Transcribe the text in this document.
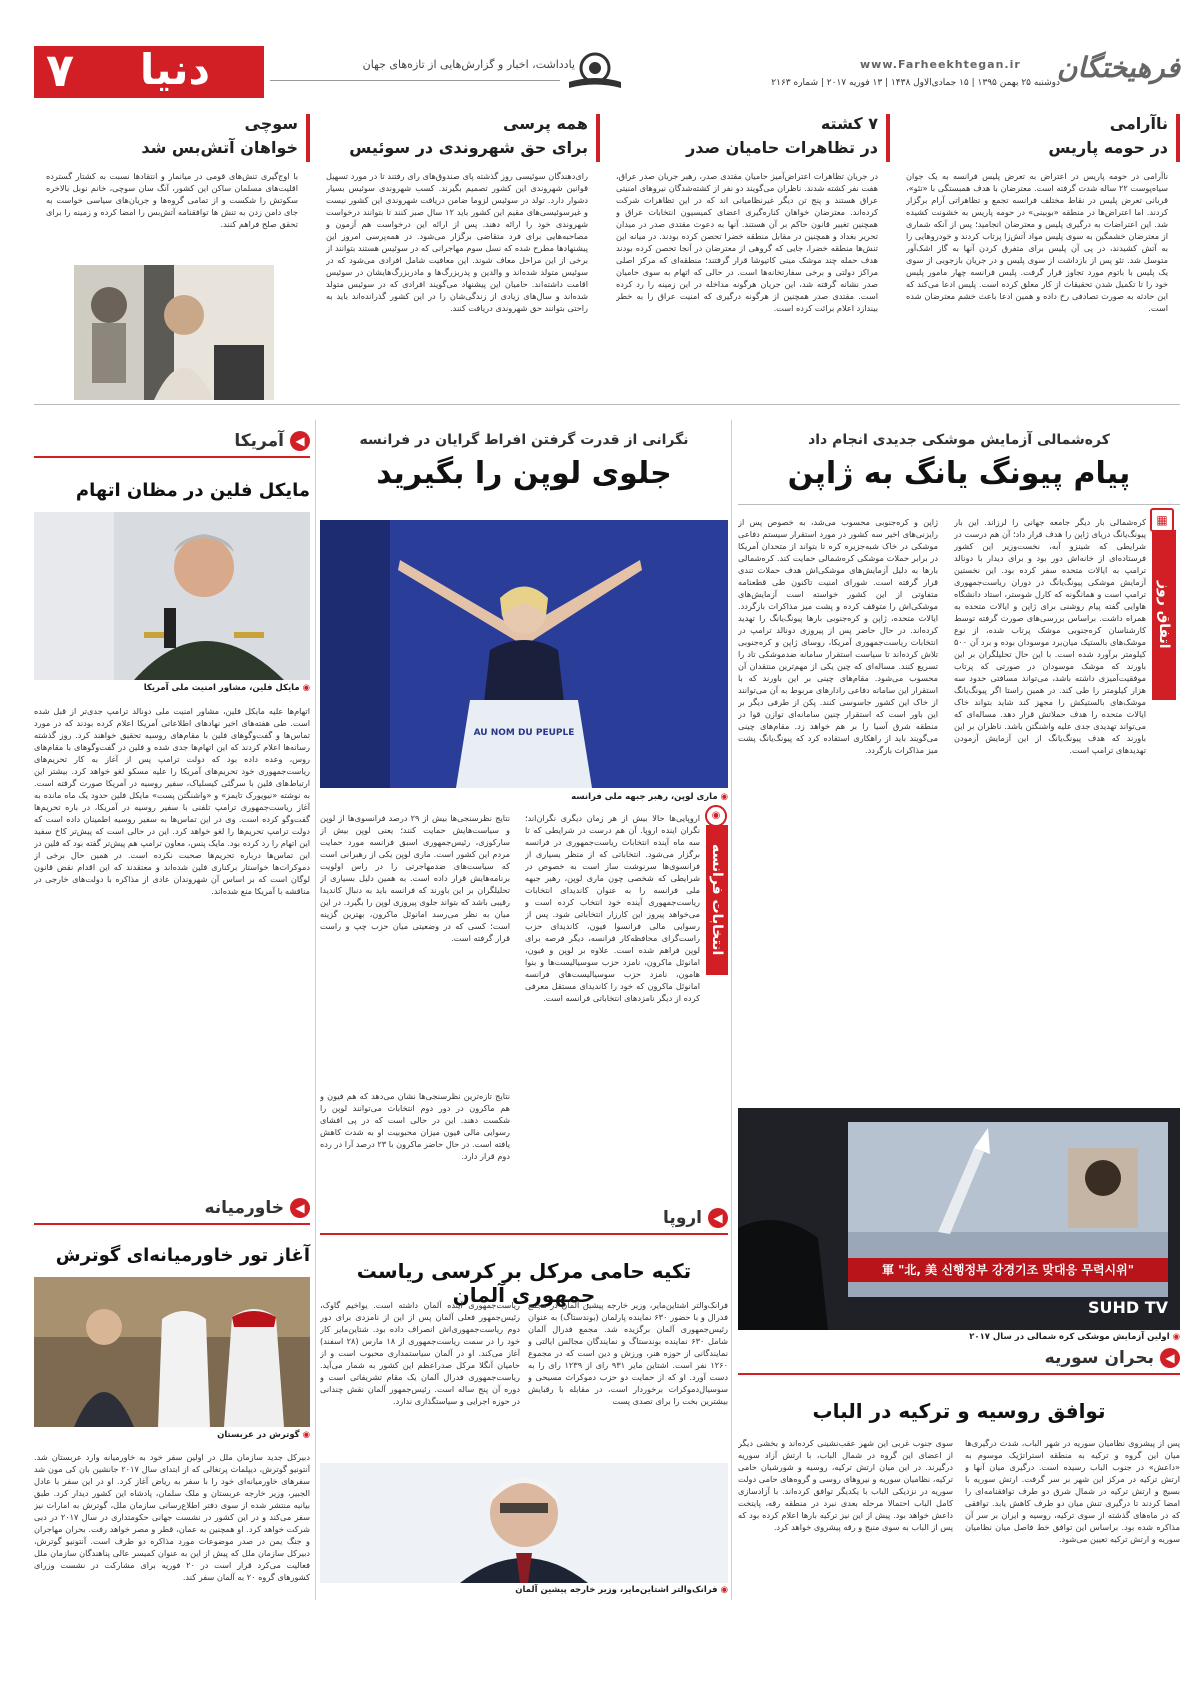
۷	دنیا	یادداشت، اخبار و گزارش‌هایی از تازه‌های جهان	www.Farheekhtegan.ir
دوشنبه ۲۵ بهمن ۱۳۹۵ | ۱۵ جمادی‌الاول ۱۴۳۸ | ۱۳ فوریه ۲۰۱۷ | شماره ۲۱۶۳
فرهیختگان
ناآرامی
در حومه پاریس
ناآرامی در حومه پاریس در اعتراض به تعرض پلیس فرانسه به یک جوان سیاه‌پوست ۲۲ ساله شدت گرفته است. معترضان با هدف همبستگی با «تئو»، قربانی تعرض پلیس در نقاط مختلف فرانسه تجمع و تظاهراتی آرام برگزار کردند. اما اعتراض‌ها در منطقه «بوبینی» در حومه پاریس به خشونت کشیده شد. این اعتراضات به درگیری پلیس و معترضان انجامید؛ پس از آنکه شماری از معترضان خشمگین به سوی پلیس مواد آتش‌زا پرتاب کردند و خودروهایی را به آتش کشیدند، در پی آن پلیس برای متفرق کردن آنها به گاز اشک‌آور متوسل شد. تئو پس از بازداشت از سوی پلیس و در جریان بازجویی از سوی یک پلیس با باتوم مورد تجاوز قرار گرفت. پلیس فرانسه چهار مامور پلیس خود را تا تکمیل شدن تحقیقات از کار معلق کرده است. پلیس ادعا می‌کند که این حادثه به صورت تصادفی رخ داده و همین ادعا باعث خشم معترضان شده است.
۷ کشته
در تظاهرات حامیان صدر
در جریان تظاهرات اعتراض‌آمیز حامیان مقتدی صدر، رهبر جریان صدر عراق، هفت نفر کشته شدند. ناظران می‌گویند دو نفر از کشته‌شدگان نیروهای امنیتی عراق هستند و پنج تن دیگر غیرنظامیانی اند که در این تظاهرات شرکت کرده‌اند. معترضان خواهان کناره‌گیری اعضای کمیسیون انتخابات عراق و همچنین تغییر قانون حاکم بر آن هستند. آنها به دعوت مقتدی صدر در میدان تحریر بغداد و همچنین در مقابل منطقه خضرا تحصن کرده بودند. در میانه این تنش‌ها منطقه خضرا، جایی که گروهی از معترضان در آنجا تحصن کرده بودند هدف حمله چند موشک مینی کاتیوشا قرار گرفتند؛ منطقه‌ای که مرکز اصلی مراکز دولتی و برخی سفارتخانه‌ها است. در حالی که اتهام به سوی حامیان صدر نشانه گرفته شد، این جریان هرگونه مداخله در این زمینه را رد کرده است. مقتدی صدر همچنین از هرگونه درگیری که امنیت عراق را به خطر بیندازد اعلام برائت کرده است.
همه پرسی
برای حق شهروندی در سوئیس
رای‌دهندگان سوئیسی روز گذشته پای صندوق‌های رای رفتند تا در مورد تسهیل قوانین شهروندی این کشور تصمیم بگیرند. کسب شهروندی سوئیس بسیار دشوار دارد. تولد در سوئیس لزوما ضامن دریافت شهروندی این کشور نیست و غیرسوئیسی‌های مقیم این کشور باید ۱۲ سال صبر کنند تا بتوانند درخواست شهروندی خود را ارائه دهند. پس از ارائه این درخواست هم آزمون و مصاحبه‌هایی برای فرد متقاضی برگزار می‌شود. در همه‌پرسی امروز این پیشنهادها مطرح شده که نسل سوم مهاجرانی که در سوئیس هستند بتوانند از برخی از این مراحل معاف شوند. این معافیت شامل افرادی می‌شود که در سوئیس متولد شده‌اند و والدین و پدربزرگ‌ها و مادربزرگ‌هایشان در سوئیس اقامت داشته‌اند. حامیان این پیشنهاد می‌گویند افرادی که در سوئیس متولد شده‌اند و سال‌های زیادی از زندگی‌شان را در این کشور گذرانده‌اند باید به راحتی بتوانند حق شهروندی دریافت کنند.
سوچی
خواهان آتش‌بس شد
با اوج‌گیری تنش‌های قومی در میانمار و انتقادها نسبت به کشتار گسترده اقلیت‌های مسلمان ساکن این کشور، آنگ سان سوچی، خانم نوبل بالاخره سکوتش را شکست و از تمامی گروه‌ها و جریان‌های سیاسی خواست به جای دامن زدن به تنش ها توافقنامه آتش‌بس را امضا کرده و زمینه را برای تحقق صلح فراهم کنند.
کره‌شمالی آزمایش موشکی جدیدی انجام داد
پیام پیونگ یانگ به ژاپن
اتفاق روز
▦
کره‌شمالی بار دیگر جامعه جهانی را لرزاند. این بار پیونگ‌یانگ دریای ژاپن را هدف قرار داد؛ آن هم درست در شرایطی که شینزو آبه، نخست‌وزیر این کشور فرستاده‌ای از خانه‌اش دور بود و برای دیدار با دونالد ترامپ به ایالات متحده سفر کرده بود. این نخستین آزمایش موشکی پیونگ‌یانگ در دوران ریاست‌جمهوری ترامپ است و همانگونه که کارل شوستر، استاد دانشگاه هاوایی گفته پیام روشنی برای ژاپن و ایالات متحده به همراه داشت. براساس بررسی‌های صورت گرفته توسط کارشناسان کره‌جنوبی موشک پرتاب شده، از نوع موشک‌های بالستیک میان‌برد موسودان بوده و برد آن ۵۰۰ کیلومتر برآورد شده است. با این حال تحلیلگران بر این باورند که موشک موسودان در صورتی که پرتاب موفقیت‌آمیزی داشته باشد، می‌تواند مسافتی حدود سه هزار کیلومتر را طی کند. در همین راستا اگر پیونگ‌یانگ موشک‌های بالستیکش را مجهز کند شاید بتواند خاک ایالات متحده را هدف حملاتش قرار دهد. مساله‌ای که می‌تواند تهدیدی جدی علیه واشنگتن باشد. ناظران بر این باورند که هدف پیونگ‌یانگ از این آزمایش آزمودن تهدیدهای ترامپ است.
ژاپن و کره‌جنوبی محسوب می‌شد، به خصوص پس از رایزنی‌های اخیر سه کشور در مورد استقرار سیستم دفاعی موشکی در خاک شبه‌جزیره کره تا بتواند از متحدان آمریکا در برابر حملات موشکی کره‌شمالی حمایت کند. کره‌شمالی بارها به دلیل آزمایش‌های موشکی‌اش هدف حملات تندی قرار گرفته است. شورای امنیت تاکنون طی قطعنامه متفاوتی از این کشور خواسته است آزمایش‌های موشکی‌اش را متوقف کرده و پشت میز مذاکرات بازگردد. ایالات متحده، ژاپن و کره‌جنوبی بارها پیونگ‌یانگ را تهدید کرده‌اند. در حال حاضر پس از پیروزی دونالد ترامپ در انتخابات ریاست‌جمهوری آمریکا، روسای ژاپن و کره‌جنوبی تلاش کرده‌اند تا سیاست استقرار سامانه ضدموشکی تاد را تسریع کنند. مساله‌ای که چین یکی از مهم‌ترین منتقدان آن محسوب می‌شود. مقام‌های چینی بر این باورند که با استقرار این سامانه دفاعی رادارهای مربوط به آن می‌توانند از خاک این کشور جاسوسی کنند. پکن از طرفی دیگر بر این باور است که استقرار چنین سامانه‌ای توازن قوا در منطقه شرق آسیا را بر هم خواهد زد. مقام‌های چینی می‌گویند باید از راهکاری استفاده کرد که پیونگ‌یانگ پشت میز مذاکرات بازگردد.
軍 "北, 美 신행정부 강경기조 맞대응 무력시위"
SUHD TV
◉ اولین آزمایش موشکی کره شمالی در سال ۲۰۱۷
نگرانی از قدرت گرفتن افراط گرایان در فرانسه
جلوی لوپن را بگیرید
AU NOM DU PEUPLE
◉ ماری لوپن، رهبر جبهه ملی فرانسه
انتخابات فرانسه
◉
اروپایی‌ها حالا بیش از هر زمان دیگری نگران‌اند؛ نگران اینده اروپا. آن هم درست در شرایطی که تا سه ماه آینده انتخابات ریاست‌جمهوری در فرانسه برگزار می‌شود. انتخاباتی که از منظر بسیاری از فرانسوی‌ها سرنوشت ساز است به خصوص در شرایطی که شخصی چون ماری لوپن، رهبر جبهه ملی فرانسه را به عنوان کاندیدای انتخابات ریاست‌جمهوری آینده خود انتخاب کرده است و می‌خواهد پیروز این کارزار انتخاباتی شود. پس از رسوایی مالی فرانسوا فیون، کاندیدای حزب راست‌گرای محافظه‌کار فرانسه، دیگر فرصه برای لوپن فراهم شده است. علاوه بر لوپن و فیون، امانوئل ماکرون، نامزد حزب سوسیالیست‌ها و بنوا هامون، نامزد حزب سوسیالیست‌های فرانسه امانوئل ماکرون که خود را کاندیدای مستقل معرفی کرده از دیگر نامزدهای انتخاباتی فرانسه است.
نتایج نظرسنجی‌ها بیش از ۲۹ درصد فرانسوی‌ها از لوپن و سیاست‌هایش حمایت کنند؛ یعنی لوپن بیش از سارکوزی، رئیس‌جمهوری اسبق فرانسه مورد حمایت مردم این کشور است. ماری لوپن یکی از رهبرانی است که سیاست‌های ضدمهاجرتی را در راس اولویت برنامه‌هایش قرار داده است. به همین دلیل بسیاری از تحلیلگران بر این باورند که فرانسه باید به دنبال کاندیدا رقیبی باشد که بتواند جلوی پیروزی لوپن را بگیرد. در این میان به نظر می‌رسد امانوئل ماکرون، بهترین گزینه است؛ کسی که در وضعیتی میان حزب چپ و راست قرار گرفته است.
نتایج تازه‌ترین نظرسنجی‌ها نشان می‌دهد که هم فیون و هم ماکرون در دور دوم انتخابات می‌توانند لوپن را شکست دهند. این در حالی است که در پی افشای رسوایی مالی فیون میزان محبوبیت او به شدت کاهش یافته است. در حال حاضر ماکرون با ۲۳ درصد آرا در رده دوم قرار دارد.
◀
اروپا
تکیه حامی مرکل بر کرسی ریاست جمهوری آلمان
فرانک‌والتر اشتاین‌مایر، وزیر خارجه پیشین آلمان در مجمع فدرال و با حضور ۶۳۰ نماینده پارلمان (بوندستاگ) به عنوان رئیس‌جمهوری آلمان برگزیده شد. مجمع فدرال آلمان شامل ۶۳۰ نماینده بوندستاگ و نمایندگان مجالس ایالتی و نمایندگانی از حوزه هنر، ورزش و دین است که در مجموع ۱۲۶۰ نفر است. اشتاین مایر ۹۳۱ رای از ۱۲۳۹ رای را به دست آورد. او که از حمایت دو حزب دموکرات مسیحی و سوسیال‌دموکرات برخوردار است، در مقابله با رقبایش بیشترین بخت را برای تصدی پست
ریاست‌جمهوری آینده آلمان داشته است. یواخیم گاوک، رئیس‌جمهور فعلی آلمان پس از این از نامزدی برای دور دوم ریاست‌جمهوری‌اش انصراف داده بود. شتاین‌مایر کار خود را در سمت ریاست‌جمهوری از ۱۸ مارس (۲۸ اسفند) آغاز می‌کند. او در آلمان سیاستمداری محبوب است و از حامیان آنگلا مرکل صدراعظم این کشور به شمار می‌آید. ریاست‌جمهوری فدرال آلمان یک مقام تشریفاتی است و دوره آن پنج ساله است. رئیس‌جمهور آلمان نقش چندانی در حوزه اجرایی و سیاستگذاری ندارد.
◉ فرانک‌والتر اشتاین‌مایر، وزیر خارجه پیشین آلمان
◀
بحران سوریه
توافق روسیه و ترکیه در الباب
پس از پیشروی نظامیان سوریه در شهر الباب، شدت درگیری‌ها میان این گروه و ترکیه به منطقه استراتژیک موسوم به «داعش» در جنوب الباب رسیده است. درگیری میان آنها و ارتش ترکیه در مرکز این شهر بر سر گرفت. ارتش سوریه با بسیج و ارتش ترکیه در شمال شرق دو طرف توافقنامه‌ای را امضا کردند تا درگیری تنش میان دو طرف کاهش یابد. توافقی که در ماه‌های گذشته از سوی ترکیه، روسیه و ایران بر سر آن مذاکره شده بود. براساس این توافق خط فاصل میان نظامیان سوریه و ارتش ترکیه تعیین می‌شود.
سوی جنوب غربی این شهر عقب‌نشینی کرده‌اند و بخشی دیگر از اعضای این گروه در شمال الباب، با ارتش آزاد سوریه درگیرند. در این میان ارتش ترکیه، روسیه و شورشیان حامی ترکیه، نظامیان سوریه و نیروهای روسی و گروه‌های حامی دولت سوریه در نزدیکی الباب با یکدیگر توافق کرده‌اند. با آزادسازی کامل الباب احتمالا مرحله بعدی نبرد در منطقه رقه، پایتخت داعش خواهد بود. پیش از این نیز ترکیه بارها اعلام کرده بود که پس از الباب به سوی منبج و رقه پیشروی خواهد کرد.
◀
آمریکا
مایکل فلین در مظان اتهام
◉ مایکل فلین، مشاور امنیت ملی آمریکا
اتهام‌ها علیه مایکل فلین، مشاور امنیت ملی دونالد ترامپ جدی‌تر از قبل شده است. طی هفته‌های اخیر نهادهای اطلاعاتی آمریکا اعلام کرده بودند که در مورد تماس‌ها و گفت‌وگوهای فلین با مقام‌های روسیه تحقیق خواهند کرد. روز گذشته رسانه‌ها اعلام کردند که این اتهام‌ها جدی شده و فلین در گفت‌وگوهای با مقام‌های روس، وعده داده بود که دولت ترامپ پس از آغاز به کار تحریم‌های ریاست‌جمهوری خود تحریم‌های آمریکا را علیه مسکو لغو خواهد کرد. بیشتر این ارتباط‌های فلین با سرگئی کیسلیاک، سفیر روسیه در آمریکا صورت گرفته است. به نوشته «نیویورک تایمز» و «واشنگتن پست» مایکل فلین حدود یک ماه مانده به آغاز ریاست‌جمهوری ترامپ تلفنی با سفیر روسیه در آمریکا، در باره تحریم‌ها گفت‌وگو کرده است. وی در این تماس‌ها به سفیر روسیه اطمینان داده است که دولت ترامپ تحریم‌ها را لغو خواهد کرد. این در حالی است که پیش‌تر کاخ سفید این اتهام را رد کرده بود. مایک پنس، معاون ترامپ هم پیش‌تر گفته بود که فلین در این تماس‌ها درباره تحریم‌ها صحبت نکرده است. در همین حال برخی از دموکرات‌ها خواستار برکناری فلین شده‌اند و معتقدند که این اقدام نقض قانون لوگان است که بر اساس آن شهروندان عادی از مذاکره با دولت‌های خارجی در مناقشه با آمریکا منع شده‌اند.
◀
خاورمیانه
آغاز تور خاورمیانه‌ای گوترش
◉ گوترش در عربستان
دبیرکل جدید سازمان ملل در اولین سفر خود به خاورمیانه وارد عربستان شد. آنتونیو گوترش، دیپلمات پرتغالی که از ابتدای سال ۲۰۱۷ جانشین بان کی مون شد سفرهای خاورمیانه‌ای خود را با سفر به ریاض آغاز کرد. او در این سفر با عادل الجبیر، وزیر خارجه عربستان و ملک سلمان، پادشاه این کشور دیدار کرد. طبق بیانیه منتشر شده از سوی دفتر اطلاع‌رسانی سازمان ملل، گوترش به امارات نیز سفر می‌کند و در این کشور در نشست جهانی حکومتداری در سال ۲۰۱۷ در دبی شرکت خواهد کرد. او همچنین به عمان، قطر و مصر خواهد رفت. بحران مهاجران و جنگ یمن در صدر موضوعات مورد مذاکره دو طرف است. آنتونیو گوترش، دبیرکل سازمان ملل که پیش از این به عنوان کمیسر عالی پناهندگان سازمان ملل فعالیت می‌کرد قرار است در ۲۰ فوریه برای مشارکت در نشست وزرای کشورهای گروه ۲۰ به آلمان سفر کند.
